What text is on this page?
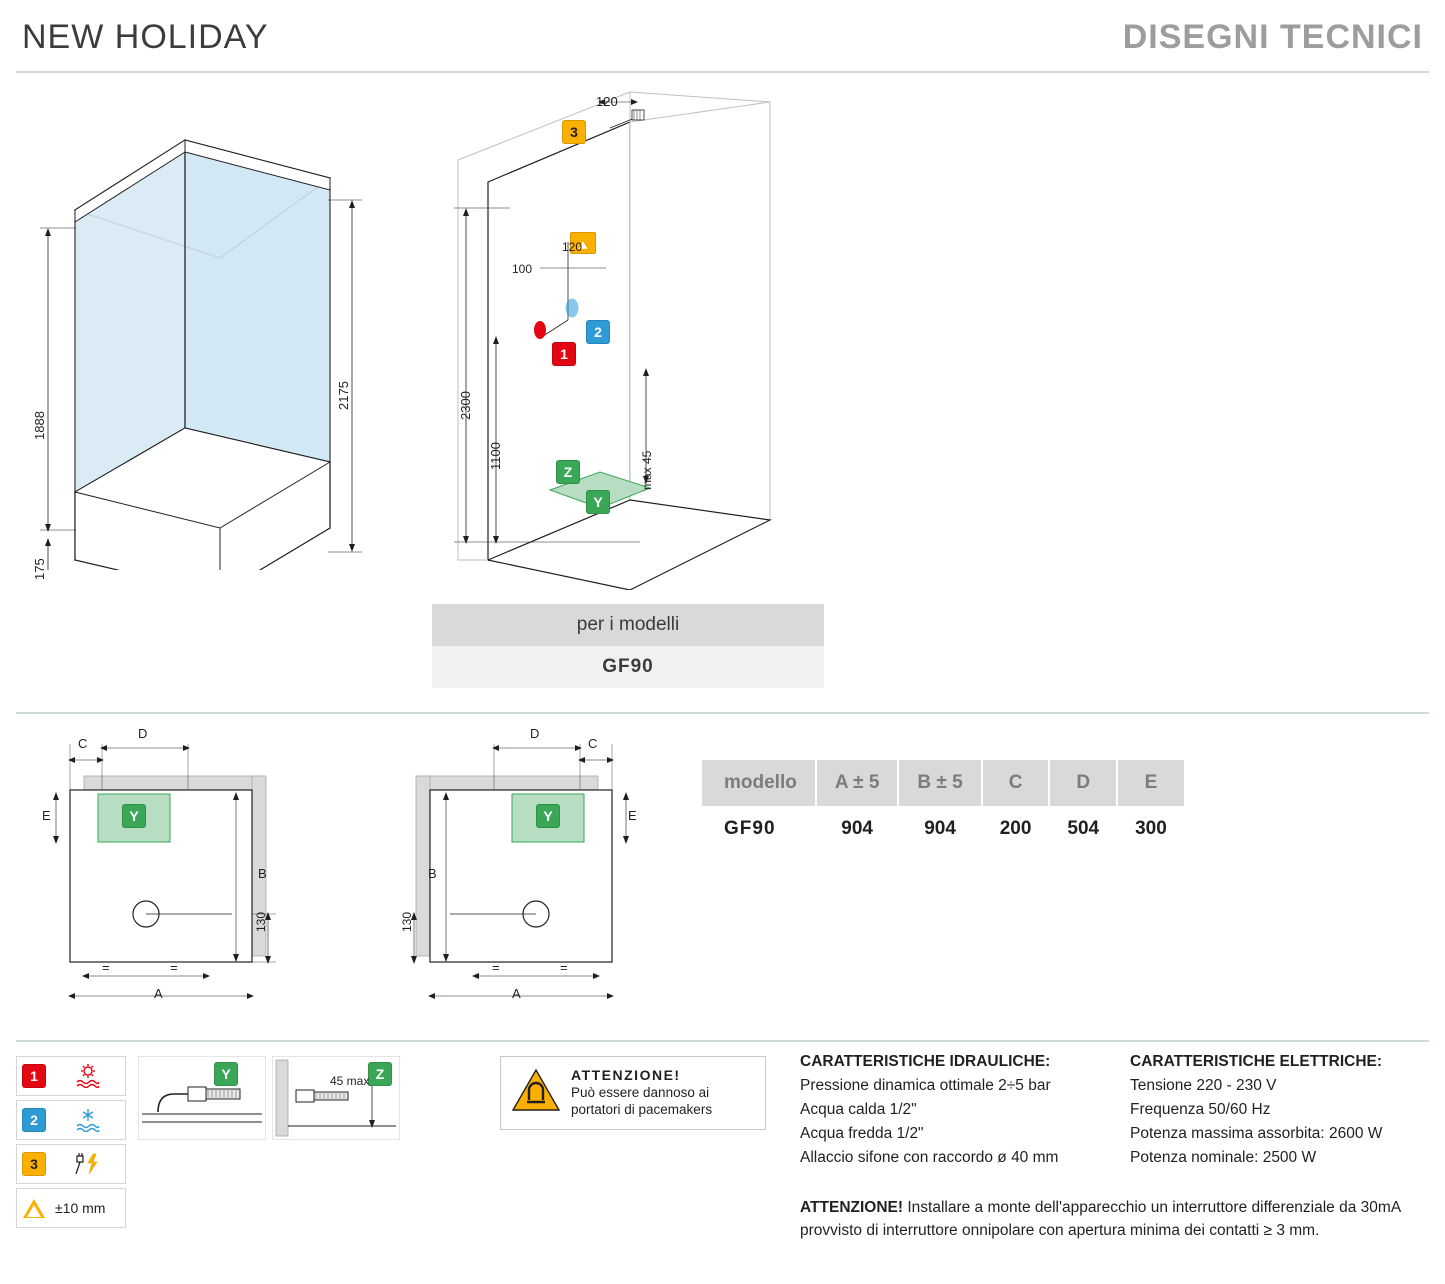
NEW HOLIDAY	DISEGNI TECNICI
1888
175
2175
120
100
120
1
2
3
Z
Y
2300
1100	max 45
per i modelli
GF90
C
D
E
B
A
Y
130
=	=
D
C
E
B
A
Y
130
=	=
modello	A ± 5	B ± 5	C	D	E
GF90	904	904	200	504	300
1
2
3
±10 mm
Y	Z
45 max	ATTENZIONE!
Può essere dannoso ai
portatori di pacemakers
CARATTERISTICHE IDRAULICHE:
Pressione dinamica ottimale 2÷5 bar
Acqua calda 1/2"
Acqua fredda 1/2"
Allaccio sifone con raccordo ø 40 mm
CARATTERISTICHE ELETTRICHE:
Tensione 220 - 230 V
Frequenza 50/60 Hz
Potenza massima assorbita: 2600 W
Potenza nominale: 2500 W
ATTENZIONE! Installare a monte dell'apparecchio un interruttore differenziale da 30mA provvisto di interruttore onnipolare con apertura minima dei contatti ≥ 3 mm.
